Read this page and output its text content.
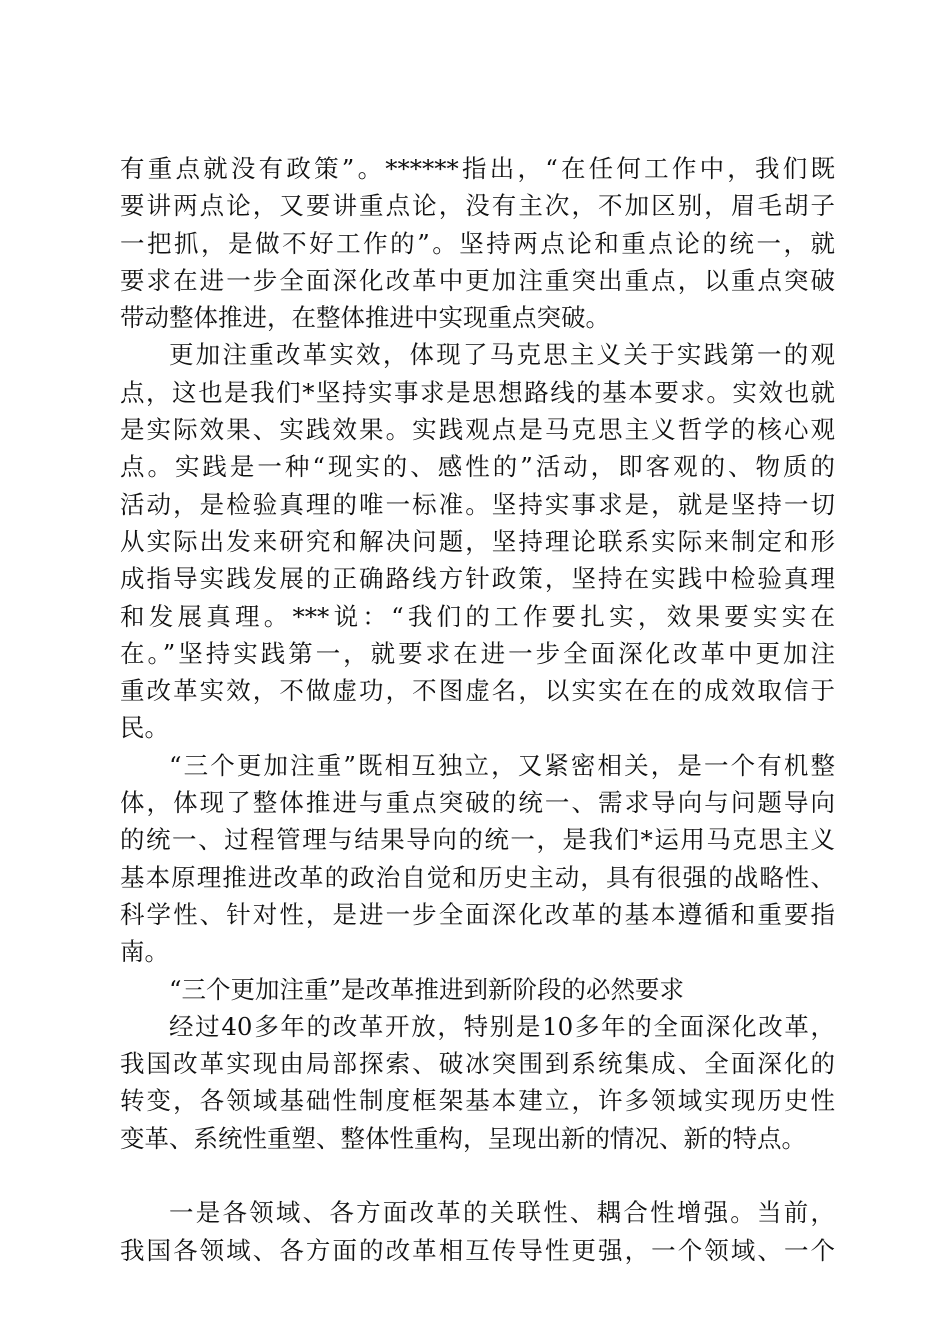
有重点就没有政策”。******指出，“在任何工作中，我们既
要讲两点论，又要讲重点论，没有主次，不加区别，眉毛胡子
一把抓，是做不好工作的”。坚持两点论和重点论的统一，就
要求在进一步全面深化改革中更加注重突出重点，以重点突破
带动整体推进，在整体推进中实现重点突破。
更加注重改革实效，体现了马克思主义关于实践第一的观
点，这也是我们*坚持实事求是思想路线的基本要求。实效也就
是实际效果、实践效果。实践观点是马克思主义哲学的核心观
点。实践是一种“现实的、感性的”活动，即客观的、物质的
活动，是检验真理的唯一标准。坚持实事求是，就是坚持一切
从实际出发来研究和解决问题，坚持理论联系实际来制定和形
成指导实践发展的正确路线方针政策，坚持在实践中检验真理
和发展真理。***说：“我们的工作要扎实，效果要实实在
在。”坚持实践第一，就要求在进一步全面深化改革中更加注
重改革实效，不做虚功，不图虚名，以实实在在的成效取信于
民。
“三个更加注重”既相互独立，又紧密相关，是一个有机整
体，体现了整体推进与重点突破的统一、需求导向与问题导向
的统一、过程管理与结果导向的统一，是我们*运用马克思主义
基本原理推进改革的政治自觉和历史主动，具有很强的战略性、
科学性、针对性，是进一步全面深化改革的基本遵循和重要指
南。
“三个更加注重”是改革推进到新阶段的必然要求
经过40多年的改革开放，特别是10多年的全面深化改革，
我国改革实现由局部探索、破冰突围到系统集成、全面深化的
转变，各领域基础性制度框架基本建立，许多领域实现历史性
变革、系统性重塑、整体性重构，呈现出新的情况、新的特点。
一是各领域、各方面改革的关联性、耦合性增强。当前，
我国各领域、各方面的改革相互传导性更强，一个领域、一个
